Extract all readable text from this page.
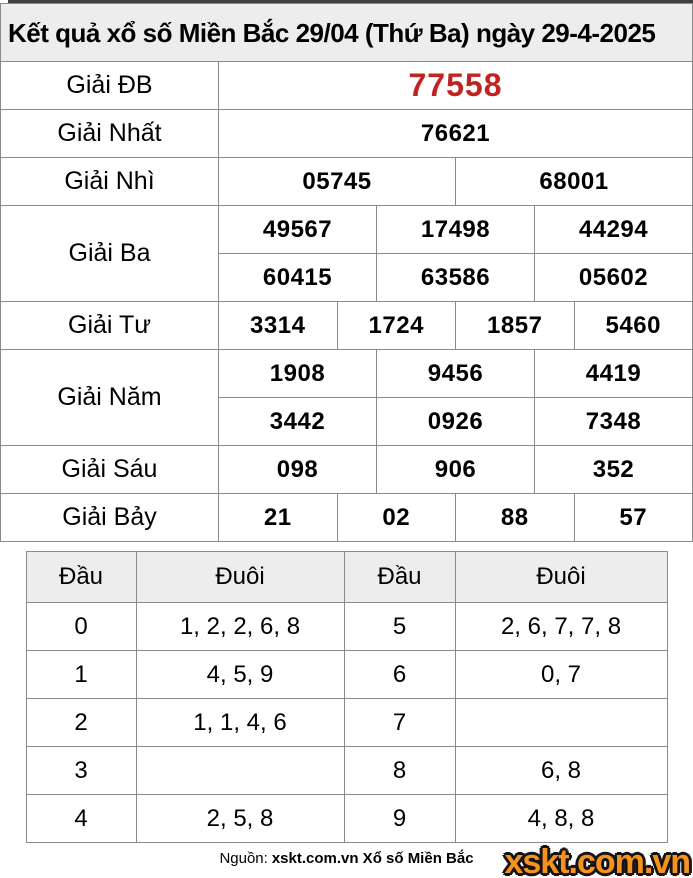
Kết quả xổ số Miền Bắc 29/04 (Thứ Ba) ngày 29-4-2025
Giải ĐB	77558					
Giải Nhất	76621					
Giải Nhì	05745			68001		
Giải Ba	49567		17498		44294	
	60415		63586		05602	
Giải Tư	3314	1724		1857		5460
Giải Năm	1908		9456		4419	
	3442		0926		7348	
Giải Sáu	098		906		352	
Giải Bảy	21	02		88		57
Đầu	Đuôi	Đầu	Đuôi
0	1, 2, 2, 6, 8	5	2, 6, 7, 7, 8
1	4, 5, 9	6	0, 7
2	1, 1, 4, 6	7	
3		8	6, 8
4	2, 5, 8	9	4, 8, 8
Nguồn: xskt.com.vn Xổ số Miền Bắc xskt.com.vn
